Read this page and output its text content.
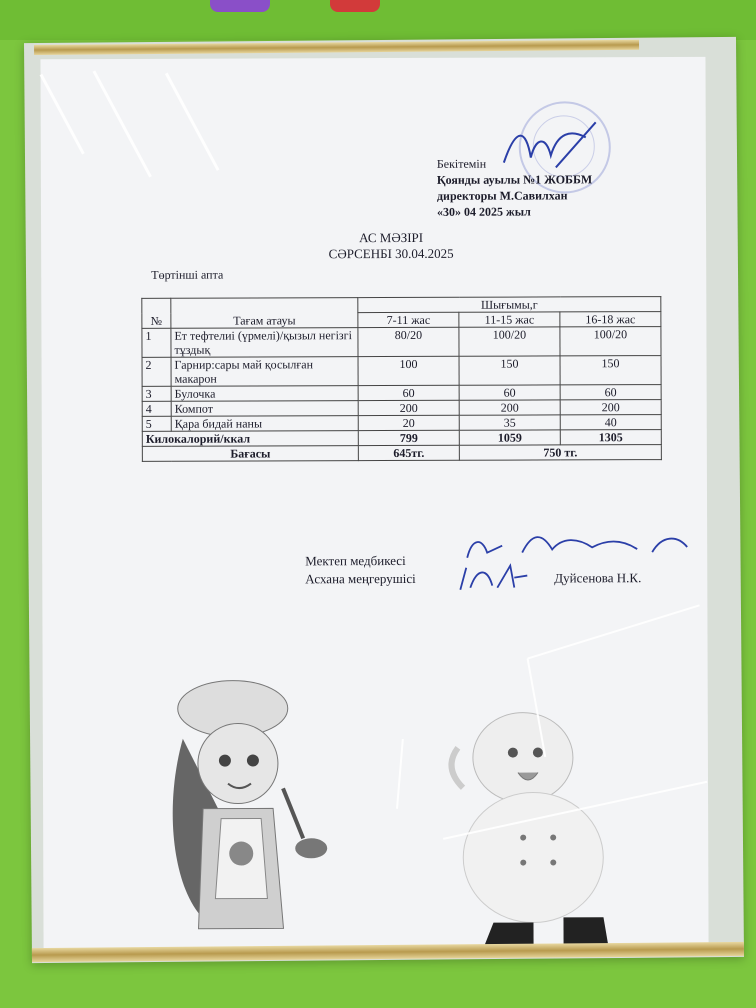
Бекітемін
Қоянды ауылы №1 ЖОББМ
директоры М.Савилхан
«30» 04 2025 жыл
АС МӘЗІРІ
СӘРСЕНБІ 30.04.2025
Төртінші апта
№	Тағам атауы	Шығымы,г		
		7-11 жас	11-15 жас	16-18 жас
1	Ет тефтелиі (үрмелі)/қызыл негізгі тұздық	80/20	100/20	100/20
2	Гарнир:сары май қосылған макарон	100	150	150
3	Булочка	60	60	60
4	Компот	200	200	200
5	Қара бидай наны	20	35	40
Килокалорий/ккал		799	1059	1305
Бағасы		645тг.	750 тг.	
Мектеп медбикесі
Асхана меңгерушісі	Дуйсенова Н.К.
